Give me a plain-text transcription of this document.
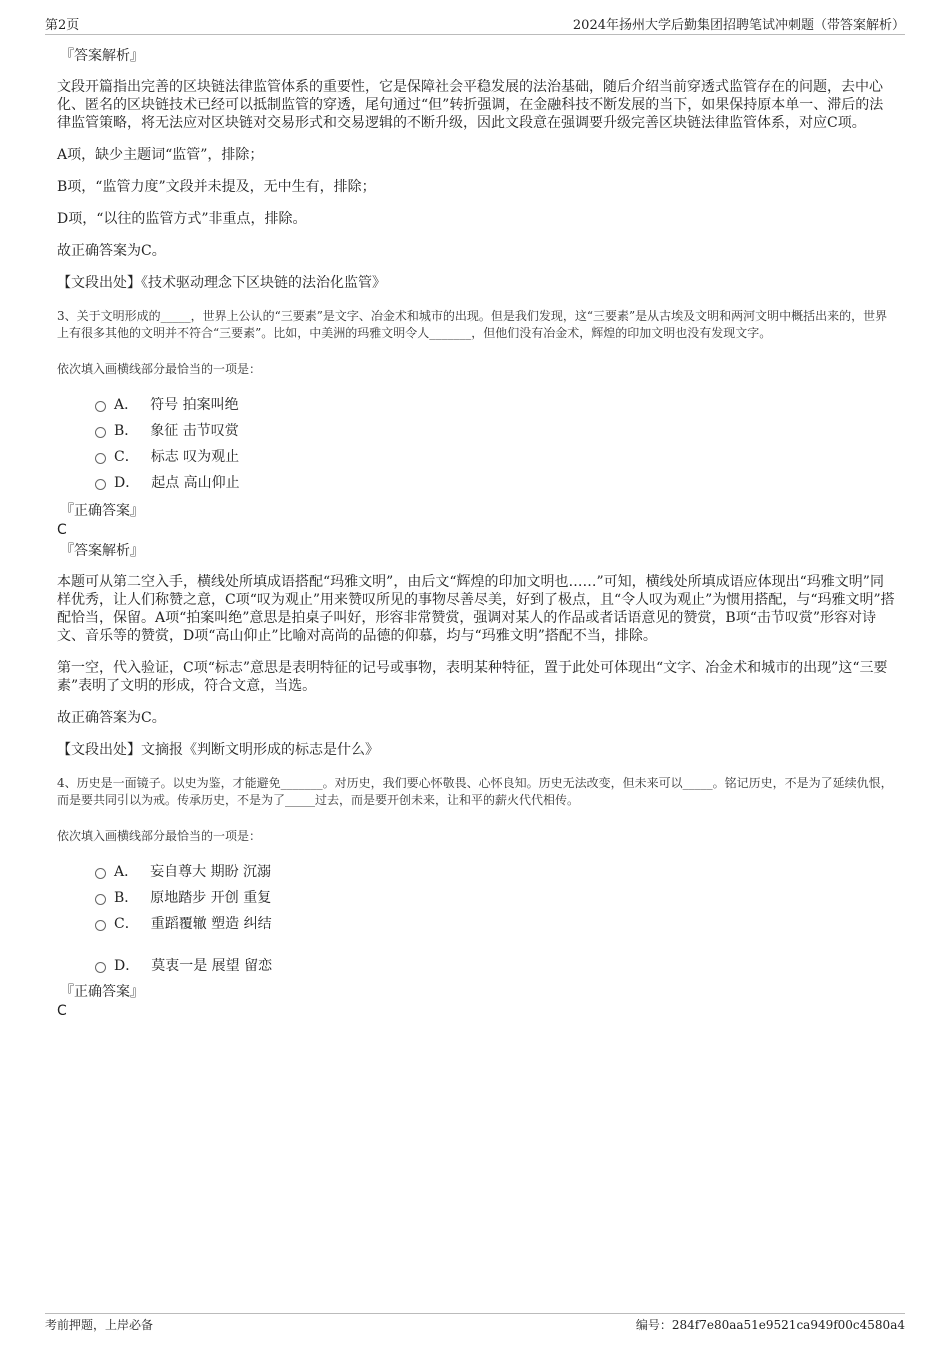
第2页	2024年扬州大学后勤集团招聘笔试冲刺题（带答案解析）
『答案解析』
文段开篇指出完善的区块链法律监管体系的重要性，它是保障社会平稳发展的法治基础，随后介绍当前穿透式监管存在的问题，去中心化、匿名的区块链技术已经可以抵制监管的穿透，尾句通过“但”转折强调，在金融科技不断发展的当下，如果保持原本单一、滞后的法律监管策略，将无法应对区块链对交易形式和交易逻辑的不断升级，因此文段意在强调要升级完善区块链法律监管体系，对应C项。
A项，缺少主题词“监管”，排除；
B项，“监管力度”文段并未提及，无中生有，排除；
D项，“以往的监管方式”非重点，排除。
故正确答案为C。
【文段出处】《技术驱动理念下区块链的法治化监管》
3、关于文明形成的_____，世界上公认的“三要素”是文字、冶金术和城市的出现。但是我们发现，这“三要素”是从古埃及文明和两河文明中概括出来的，世界上有很多其他的文明并不符合“三要素”。比如，中美洲的玛雅文明令人_______，但他们没有冶金术，辉煌的印加文明也没有发现文字。
依次填入画横线部分最恰当的一项是：
A． 符号 拍案叫绝
B． 象征 击节叹赏
C． 标志 叹为观止
D． 起点 高山仰止
『正确答案』
C
『答案解析』
本题可从第二空入手，横线处所填成语搭配“玛雅文明”，由后文“辉煌的印加文明也……”可知，横线处所填成语应体现出“玛雅文明”同样优秀，让人们称赞之意，C项“叹为观止”用来赞叹所见的事物尽善尽美，好到了极点，且“令人叹为观止”为惯用搭配，与“玛雅文明”搭配恰当，保留。A项“拍案叫绝”意思是拍桌子叫好，形容非常赞赏，强调对某人的作品或者话语意见的赞赏，B项“击节叹赏”形容对诗文、音乐等的赞赏，D项“高山仰止”比喻对高尚的品德的仰慕，均与“玛雅文明”搭配不当，排除。
第一空，代入验证，C项“标志”意思是表明特征的记号或事物，表明某种特征，置于此处可体现出“文字、冶金术和城市的出现”这“三要素”表明了文明的形成，符合文意，当选。
故正确答案为C。
【文段出处】文摘报《判断文明形成的标志是什么》
4、历史是一面镜子。以史为鉴，才能避免_______。对历史，我们要心怀敬畏、心怀良知。历史无法改变，但未来可以_____。铭记历史，不是为了延续仇恨，而是要共同引以为戒。传承历史，不是为了_____过去，而是要开创未来，让和平的薪火代代相传。
依次填入画横线部分最恰当的一项是：
A． 妄自尊大 期盼 沉溺
B． 原地踏步 开创 重复
C． 重蹈覆辙 塑造 纠结
D． 莫衷一是 展望 留恋
『正确答案』
C
考前押题，上岸必备	编号：284f7e80aa51e9521ca949f00c4580a4
